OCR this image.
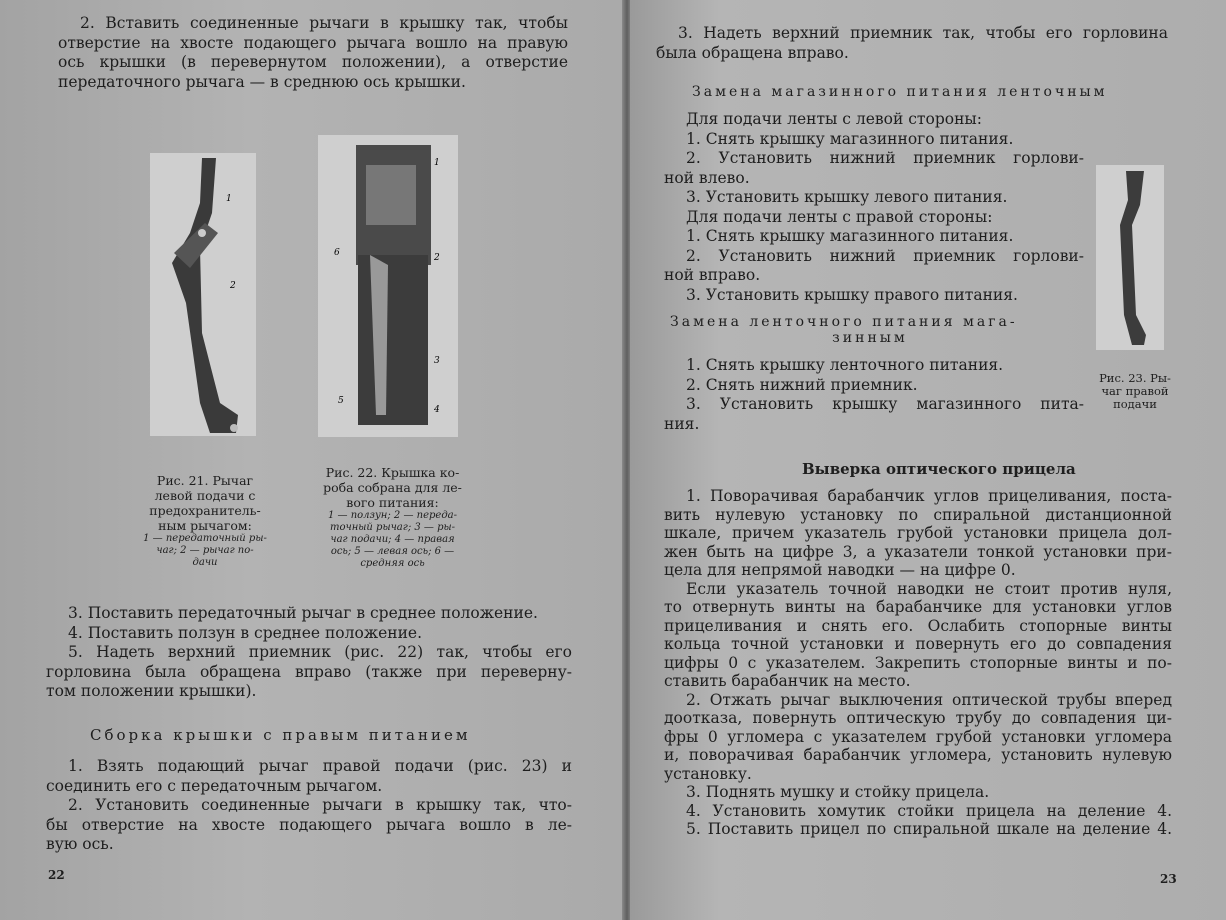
2. Вставить соединенные рычаги в крышку так, чтобы
отверстие на хвосте подающего рычага вошло на правую
ось крышки (в перевернутом положении), а отверстие
передаточного рычага — в среднюю ось крышки.
1
2
1
2
3
4
5
6
Рис. 21. Рычаг
левой подачи с
предохранитель-
ным рычагом:
1 — передаточный ры-
чаг; 2 — рычаг по-
дачи
Рис. 22. Крышка ко-
роба собрана для ле-
вого питания:
1 — ползун; 2 — переда-
точный рычаг; 3 — ры-
чаг подачи; 4 — правая
ось; 5 — левая ось; 6 —
средняя ось
3. Поставить передаточный рычаг в среднее положение.
4. Поставить ползун в среднее положение.
5. Надеть верхний приемник (рис. 22) так, чтобы его
горловина была обращена вправо (также при переверну-
том положении крышки).
Сборка крышки с правым питанием
1. Взять подающий рычаг правой подачи (рис. 23) и
соединить его с передаточным рычагом.
2. Установить соединенные рычаги в крышку так, что-
бы отверстие на хвосте подающего рычага вошло в ле-
вую ось.
22
3. Надеть верхний приемник так, чтобы его горловина
была обращена вправо.
Замена магазинного питания ленточным
Для подачи ленты с левой стороны:
1. Снять крышку магазинного питания.
2. Установить нижний приемник горлови-
ной влево.
3. Установить крышку левого питания.
Для подачи ленты с правой стороны:
1. Снять крышку магазинного питания.
2. Установить нижний приемник горлови-
ной вправо.
3. Установить крышку правого питания.
Замена ленточного питания мага-
зинным
1. Снять крышку ленточного питания.
2. Снять нижний приемник.
3. Установить крышку магазинного пита-
ния.
Рис. 23. Ры-
чаг правой
подачи
Выверка оптического прицела
1. Поворачивая барабанчик углов прицеливания, поста-
вить нулевую установку по спиральной дистанционной
шкале, причем указатель грубой установки прицела дол-
жен быть на цифре 3, а указатели тонкой установки при-
цела для непрямой наводки — на цифре 0.
Если указатель точной наводки не стоит против нуля,
то отвернуть винты на барабанчике для установки углов
прицеливания и снять его. Ослабить стопорные винты
кольца точной установки и повернуть его до совпадения
цифры 0 с указателем. Закрепить стопорные винты и по-
ставить барабанчик на место.
2. Отжать рычаг выключения оптической трубы вперед
доотказа, повернуть оптическую трубу до совпадения ци-
фры 0 угломера с указателем грубой установки угломера
и, поворачивая барабанчик угломера, установить нулевую
установку.
3. Поднять мушку и стойку прицела.
4. Установить хомутик стойки прицела на деление 4.
5. Поставить прицел по спиральной шкале на деление 4.
23
